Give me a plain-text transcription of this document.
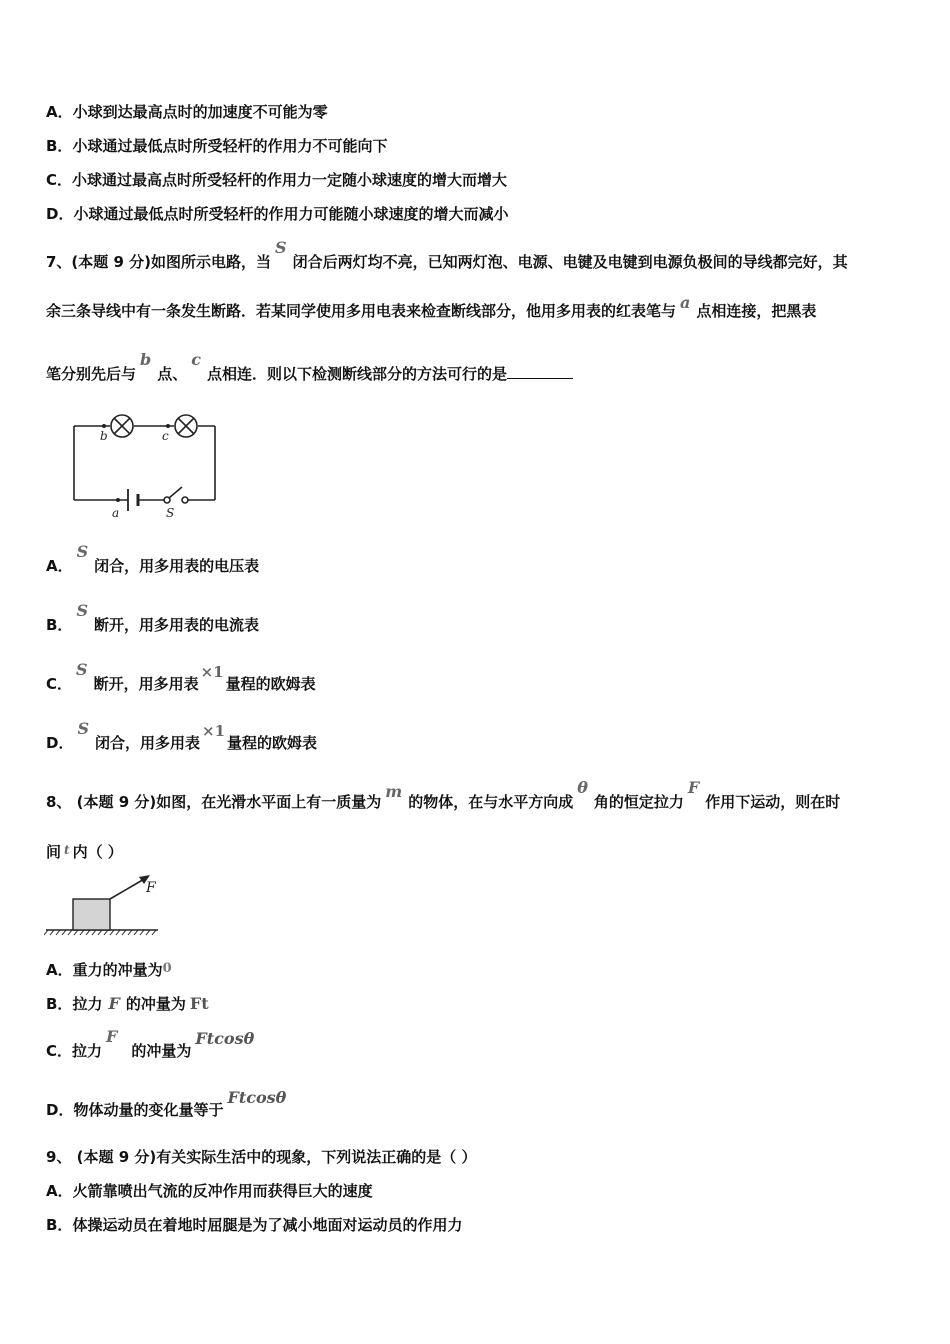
A．小球到达最高点时的加速度不可能为零
B．小球通过最低点时所受轻杆的作用力不可能向下
C．小球通过最高点时所受轻杆的作用力一定随小球速度的增大而增大
D．小球通过最低点时所受轻杆的作用力可能随小球速度的增大而减小
7、(本题 9 分)如图所示电路，当S闭合后两灯均不亮，已知两灯泡、电源、电键及电键到电源负极间的导线都完好，其
余三条导线中有一条发生断路．若某同学使用多用电表来检查断线部分，他用多用表的红表笔与 a 点相连接，把黑表
笔分别先后与b点、c点相连．则以下检测断线部分的方法可行的是
b	c
a	S
A．S闭合，用多用表的电压表
B．S断开，用多用表的电流表
C．S断开，用多用表×1量程的欧姆表
D．S闭合，用多用表×1量程的欧姆表
8、 (本题 9 分)如图，在光滑水平面上有一质量为m的物体，在与水平方向成θ角的恒定拉力F作用下运动，则在时
间 $^t$ 内（ ）
F
A．重力的冲量为0
B．拉力 F 的冲量为 Ft
C．拉力F的冲量为Ftcosθ
D．物体动量的变化量等于Ftcosθ
9、 (本题 9 分)有关实际生活中的现象，下列说法正确的是（ ）
A．火箭靠喷出气流的反冲作用而获得巨大的速度
B．体操运动员在着地时屈腿是为了减小地面对运动员的作用力
